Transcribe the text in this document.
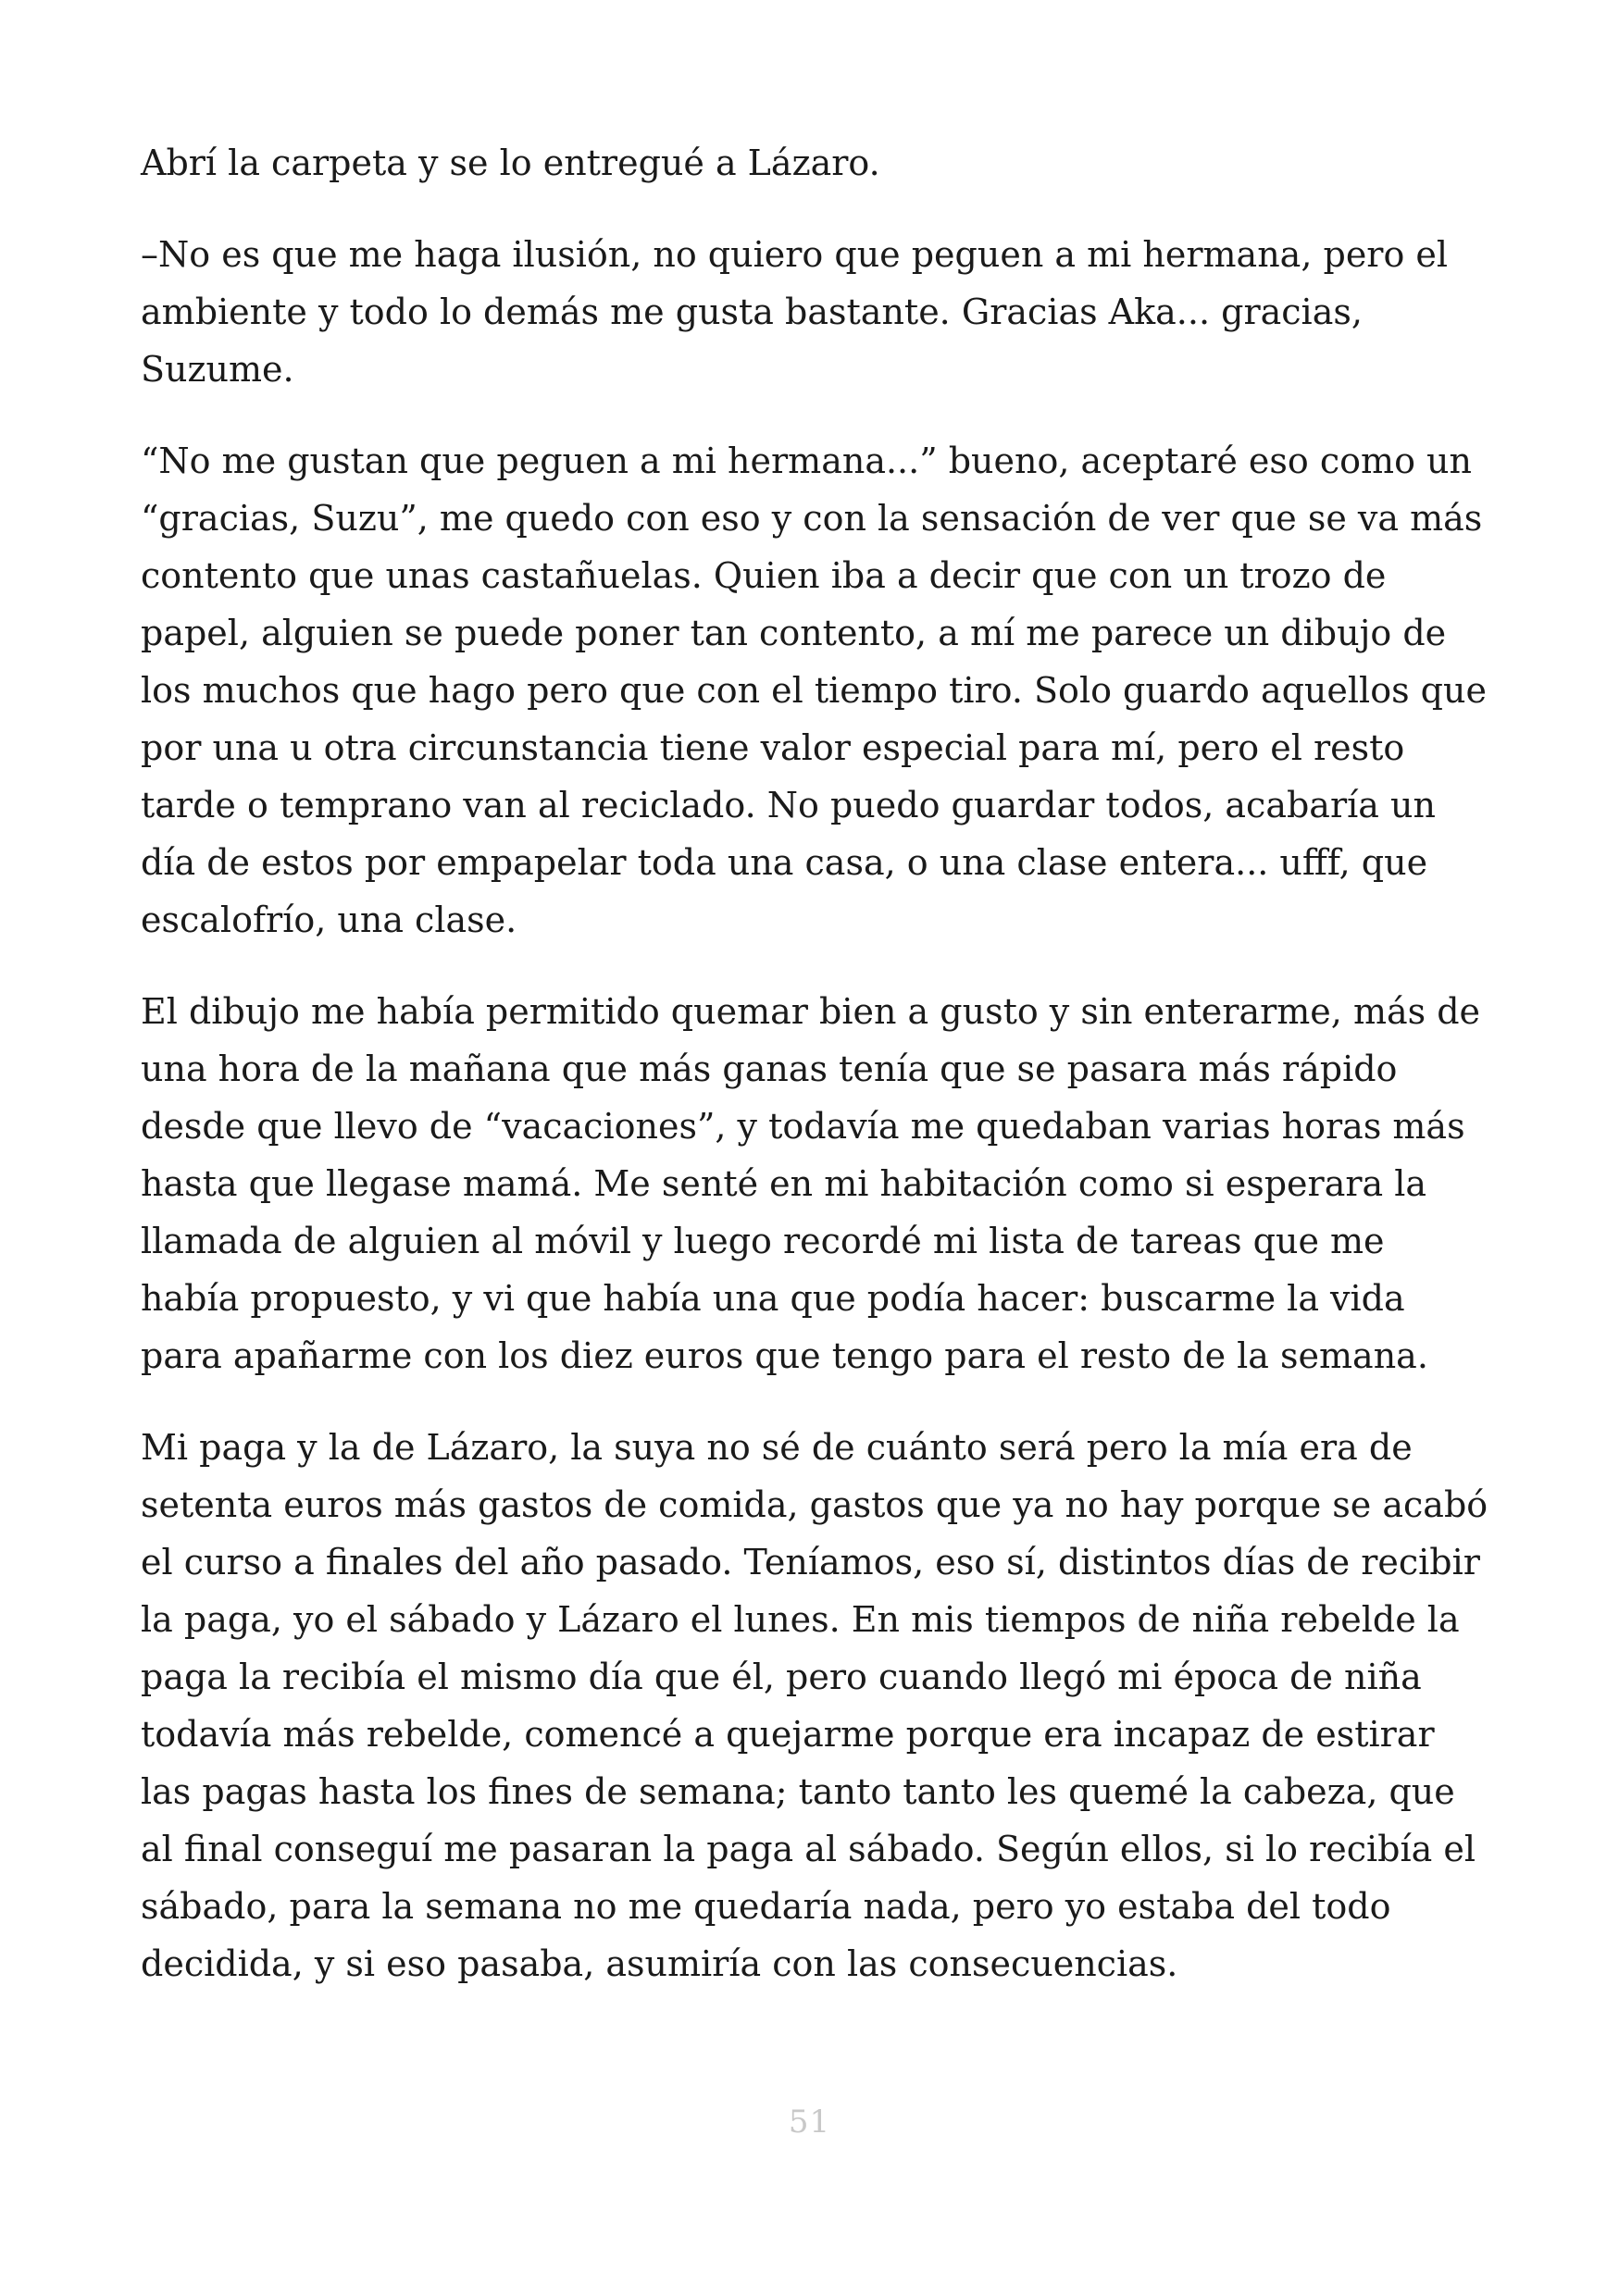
Abrí la carpeta y se lo entregué a Lázaro.

–No es que me haga ilusión, no quiero que peguen a mi hermana, pero el ambiente y todo lo demás me gusta bastante. Gracias Aka... gracias, Suzume.

“No me gustan que peguen a mi hermana...” bueno, aceptaré eso como un “gracias, Suzu”, me quedo con eso y con la sensación de ver que se va más contento que unas castañuelas. Quien iba a decir que con un trozo de papel, alguien se puede poner tan contento, a mí me parece un dibujo de los muchos que hago pero que con el tiempo tiro. Solo guardo aquellos que por una u otra circunstancia tiene valor especial para mí, pero el resto tarde o temprano van al reciclado. No puedo guardar todos, acabaría un día de estos por empapelar toda una casa, o una clase entera... ufff, que escalofrío, una clase.

El dibujo me había permitido quemar bien a gusto y sin enterarme, más de una hora de la mañana que más ganas tenía que se pasara más rápido desde que llevo de “vacaciones”, y todavía me quedaban varias horas más hasta que llegase mamá. Me senté en mi habitación como si esperara la llamada de alguien al móvil y luego recordé mi lista de tareas que me había propuesto, y vi que había una que podía hacer: buscarme la vida para apañarme con los diez euros que tengo para el resto de la semana.

Mi paga y la de Lázaro, la suya no sé de cuánto será pero la mía era de setenta euros más gastos de comida, gastos que ya no hay porque se acabó el curso a finales del año pasado. Teníamos, eso sí, distintos días de recibir la paga, yo el sábado y Lázaro el lunes. En mis tiempos de niña rebelde la paga la recibía el mismo día que él, pero cuando llegó mi época de niña todavía más rebelde, comencé a quejarme porque era incapaz de estirar las pagas hasta los fines de semana; tanto tanto les quemé la cabeza, que al final conseguí me pasaran la paga al sábado. Según ellos, si lo recibía el sábado, para la semana no me quedaría nada, pero yo estaba del todo decidida, y si eso pasaba, asumiría con las consecuencias.

51
